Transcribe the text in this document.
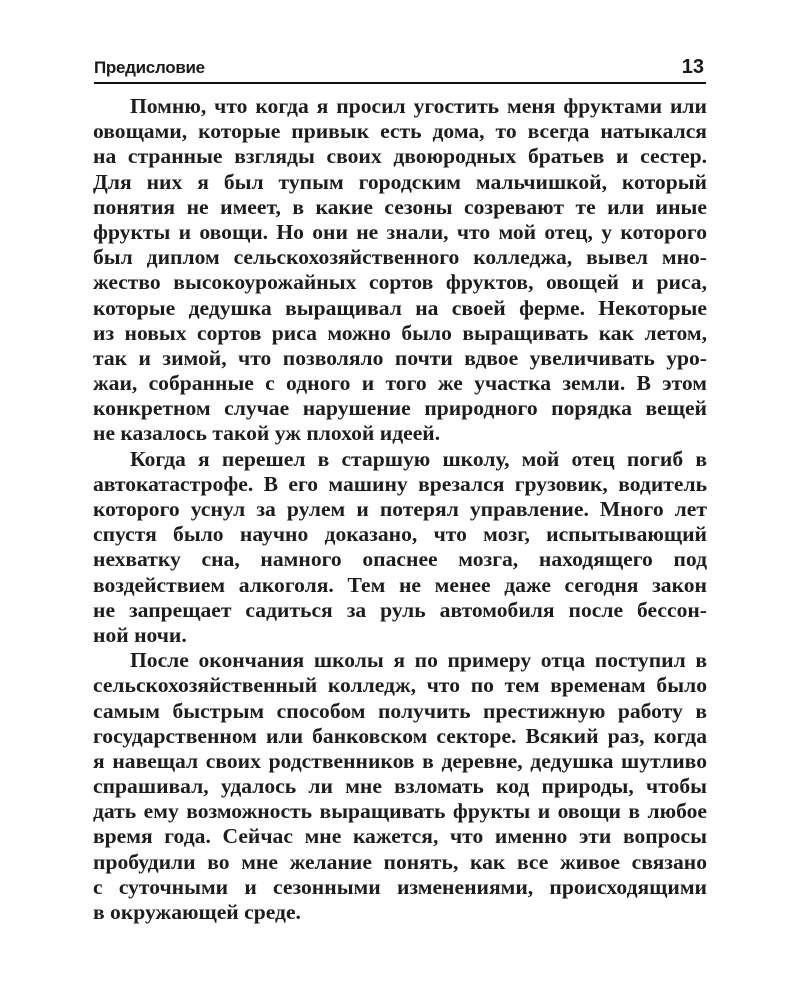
Предисловие	13

Помню, что когда я просил угостить меня фруктами или
овощами, которые привык есть дома, то всегда натыкался
на странные взгляды своих двоюродных братьев и сестер.
Для них я был тупым городским мальчишкой, который
понятия не имеет, в какие сезоны созревают те или иные
фрукты и овощи. Но они не знали, что мой отец, у которого
был диплом сельскохозяйственного колледжа, вывел мно-
жество высокоурожайных сортов фруктов, овощей и риса,
которые дедушка выращивал на своей ферме. Некоторые
из новых сортов риса можно было выращивать как летом,
так и зимой, что позволяло почти вдвое увеличивать уро-
жаи, собранные с одного и того же участка земли. В этом
конкретном случае нарушение природного порядка вещей
не казалось такой уж плохой идеей.

Когда я перешел в старшую школу, мой отец погиб в
автокатастрофе. В его машину врезался грузовик, водитель
которого уснул за рулем и потерял управление. Много лет
спустя было научно доказано, что мозг, испытывающий
нехватку сна, намного опаснее мозга, находящего под
воздействием алкоголя. Тем не менее даже сегодня закон
не запрещает садиться за руль автомобиля после бессон-
ной ночи.

После окончания школы я по примеру отца поступил в
сельскохозяйственный колледж, что по тем временам было
самым быстрым способом получить престижную работу в
государственном или банковском секторе. Всякий раз, когда
я навещал своих родственников в деревне, дедушка шутливо
спрашивал, удалось ли мне взломать код природы, чтобы
дать ему возможность выращивать фрукты и овощи в любое
время года. Сейчас мне кажется, что именно эти вопросы
пробудили во мне желание понять, как все живое связано
с суточными и сезонными изменениями, происходящими
в окружающей среде.
